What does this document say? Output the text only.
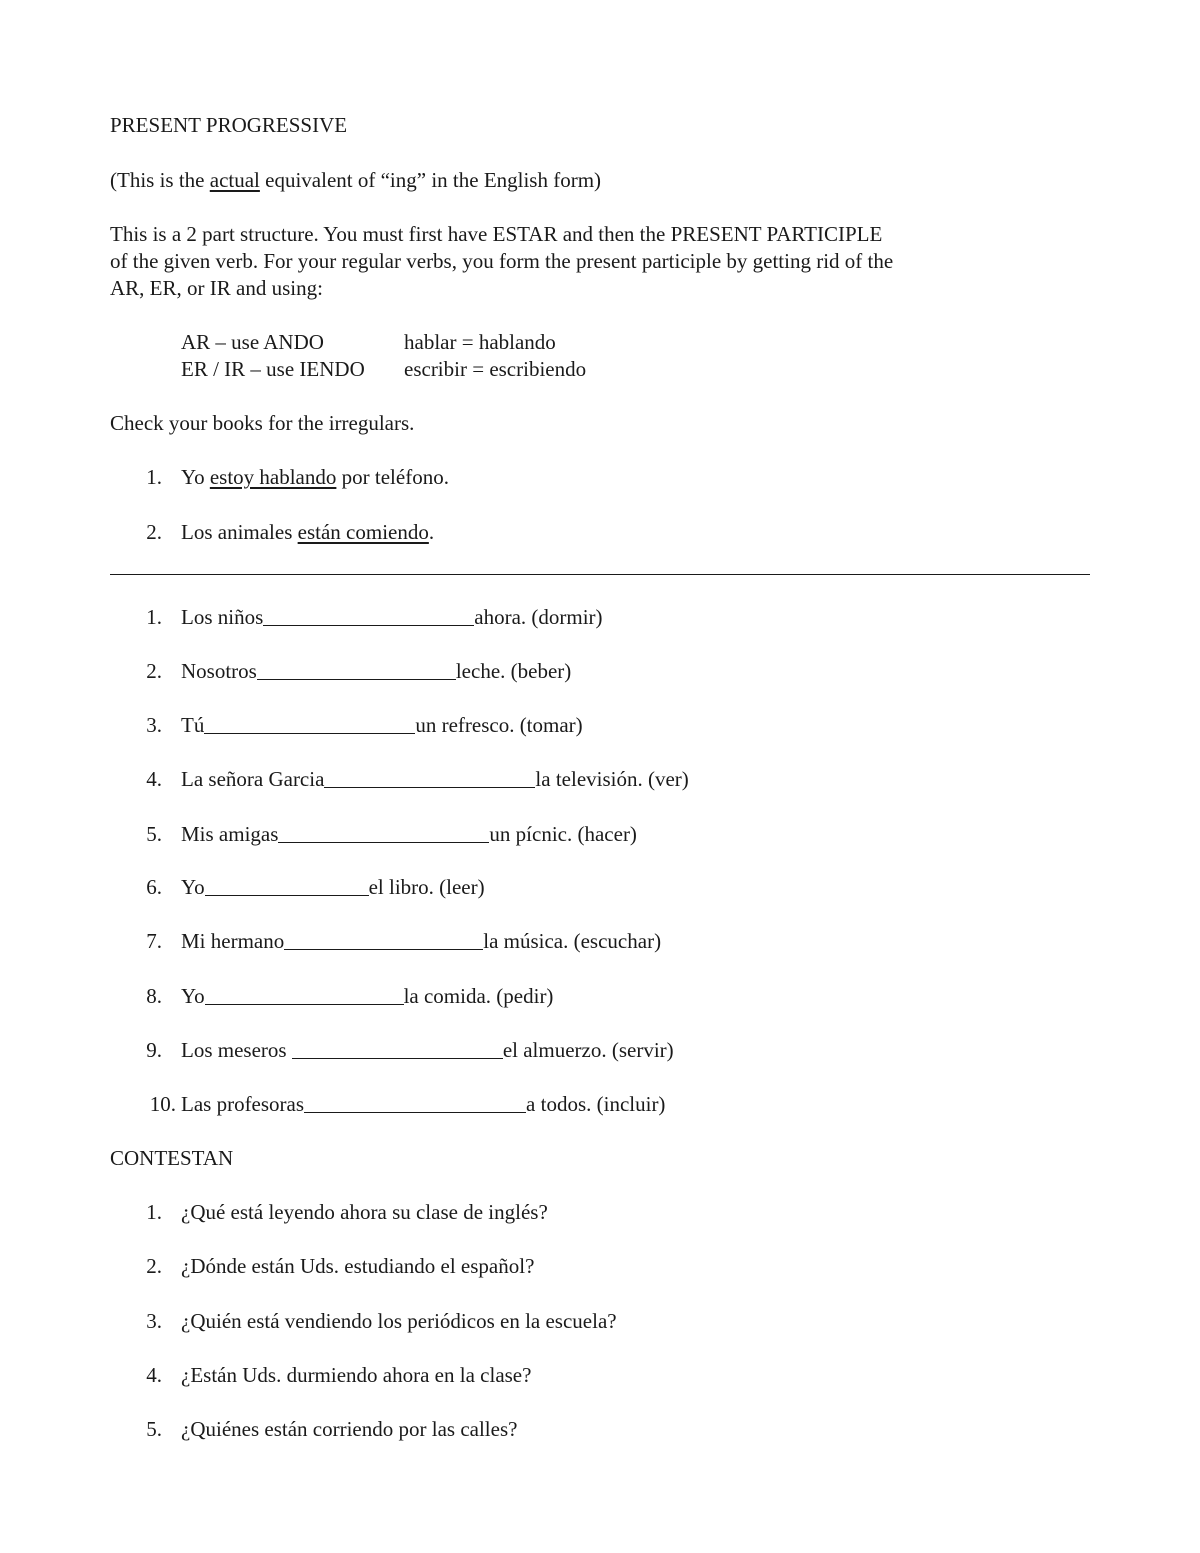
PRESENT PROGRESSIVE
(This is the actual equivalent of “ing” in the English form)
This is a 2 part structure. You must first have ESTAR and then the PRESENT PARTICIPLE
of the given verb. For your regular verbs, you form the present participle by getting rid of the
AR, ER, or IR and using:
AR – use ANDO	hablar = hablando
ER / IR – use IENDO escribir = escribiendo
Check your books for the irregulars.
1. Yo estoy hablando por teléfono.
2. Los animales están comiendo.
1. Los niños	ahora. (dormir)
2. Nosotros	leche. (beber)
3. Tú	un refresco. (tomar)
4. La señora Garcia	la televisión. (ver)
5. Mis amigas	un pícnic. (hacer)
6. Yo	el libro. (leer)
7. Mi hermano	la música. (escuchar)
8. Yo	la comida. (pedir)
9. Los meseros	el almuerzo. (servir)
10. Las profesoras	a todos. (incluir)
CONTESTAN
1. ¿Qué está leyendo ahora su clase de inglés?
2. ¿Dónde están Uds. estudiando el español?
3. ¿Quién está vendiendo los periódicos en la escuela?
4. ¿Están Uds. durmiendo ahora en la clase?
5. ¿Quiénes están corriendo por las calles?
